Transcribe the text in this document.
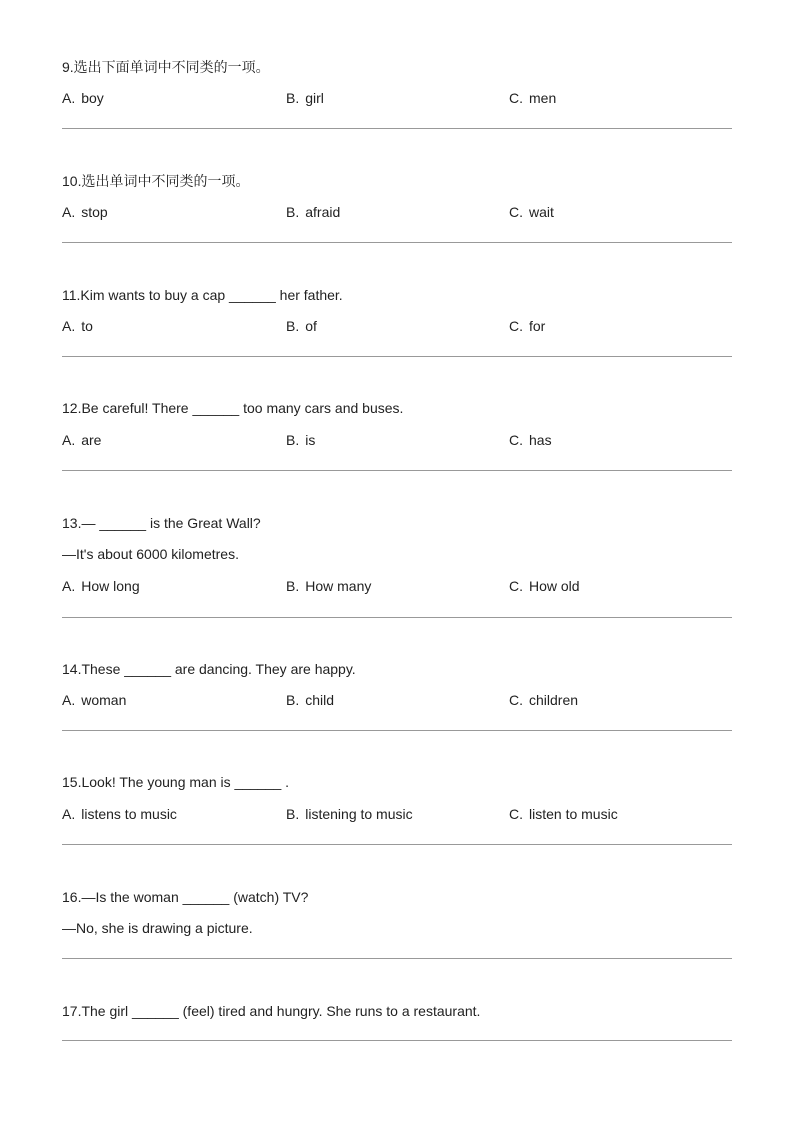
9.选出下面单词中不同类的一项。
A. boy	B. girl	C. men
10.选出单词中不同类的一项。
A. stop	B. afraid	C. wait
11.Kim wants to buy a cap ______ her father.
A. to	B. of	C. for
12.Be careful! There ______ too many cars and buses.
A. are	B. is	C. has
13.— ______ is the Great Wall?
—It's about 6000 kilometres.
A. How long	B. How many	C. How old
14.These ______ are dancing. They are happy.
A. woman	B. child	C. children
15.Look! The young man is ______ .
A. listens to music	B. listening to music	C. listen to music
16.—Is the woman ______ (watch) TV?
—No, she is drawing a picture.
17.The girl ______ (feel) tired and hungry. She runs to a restaurant.
